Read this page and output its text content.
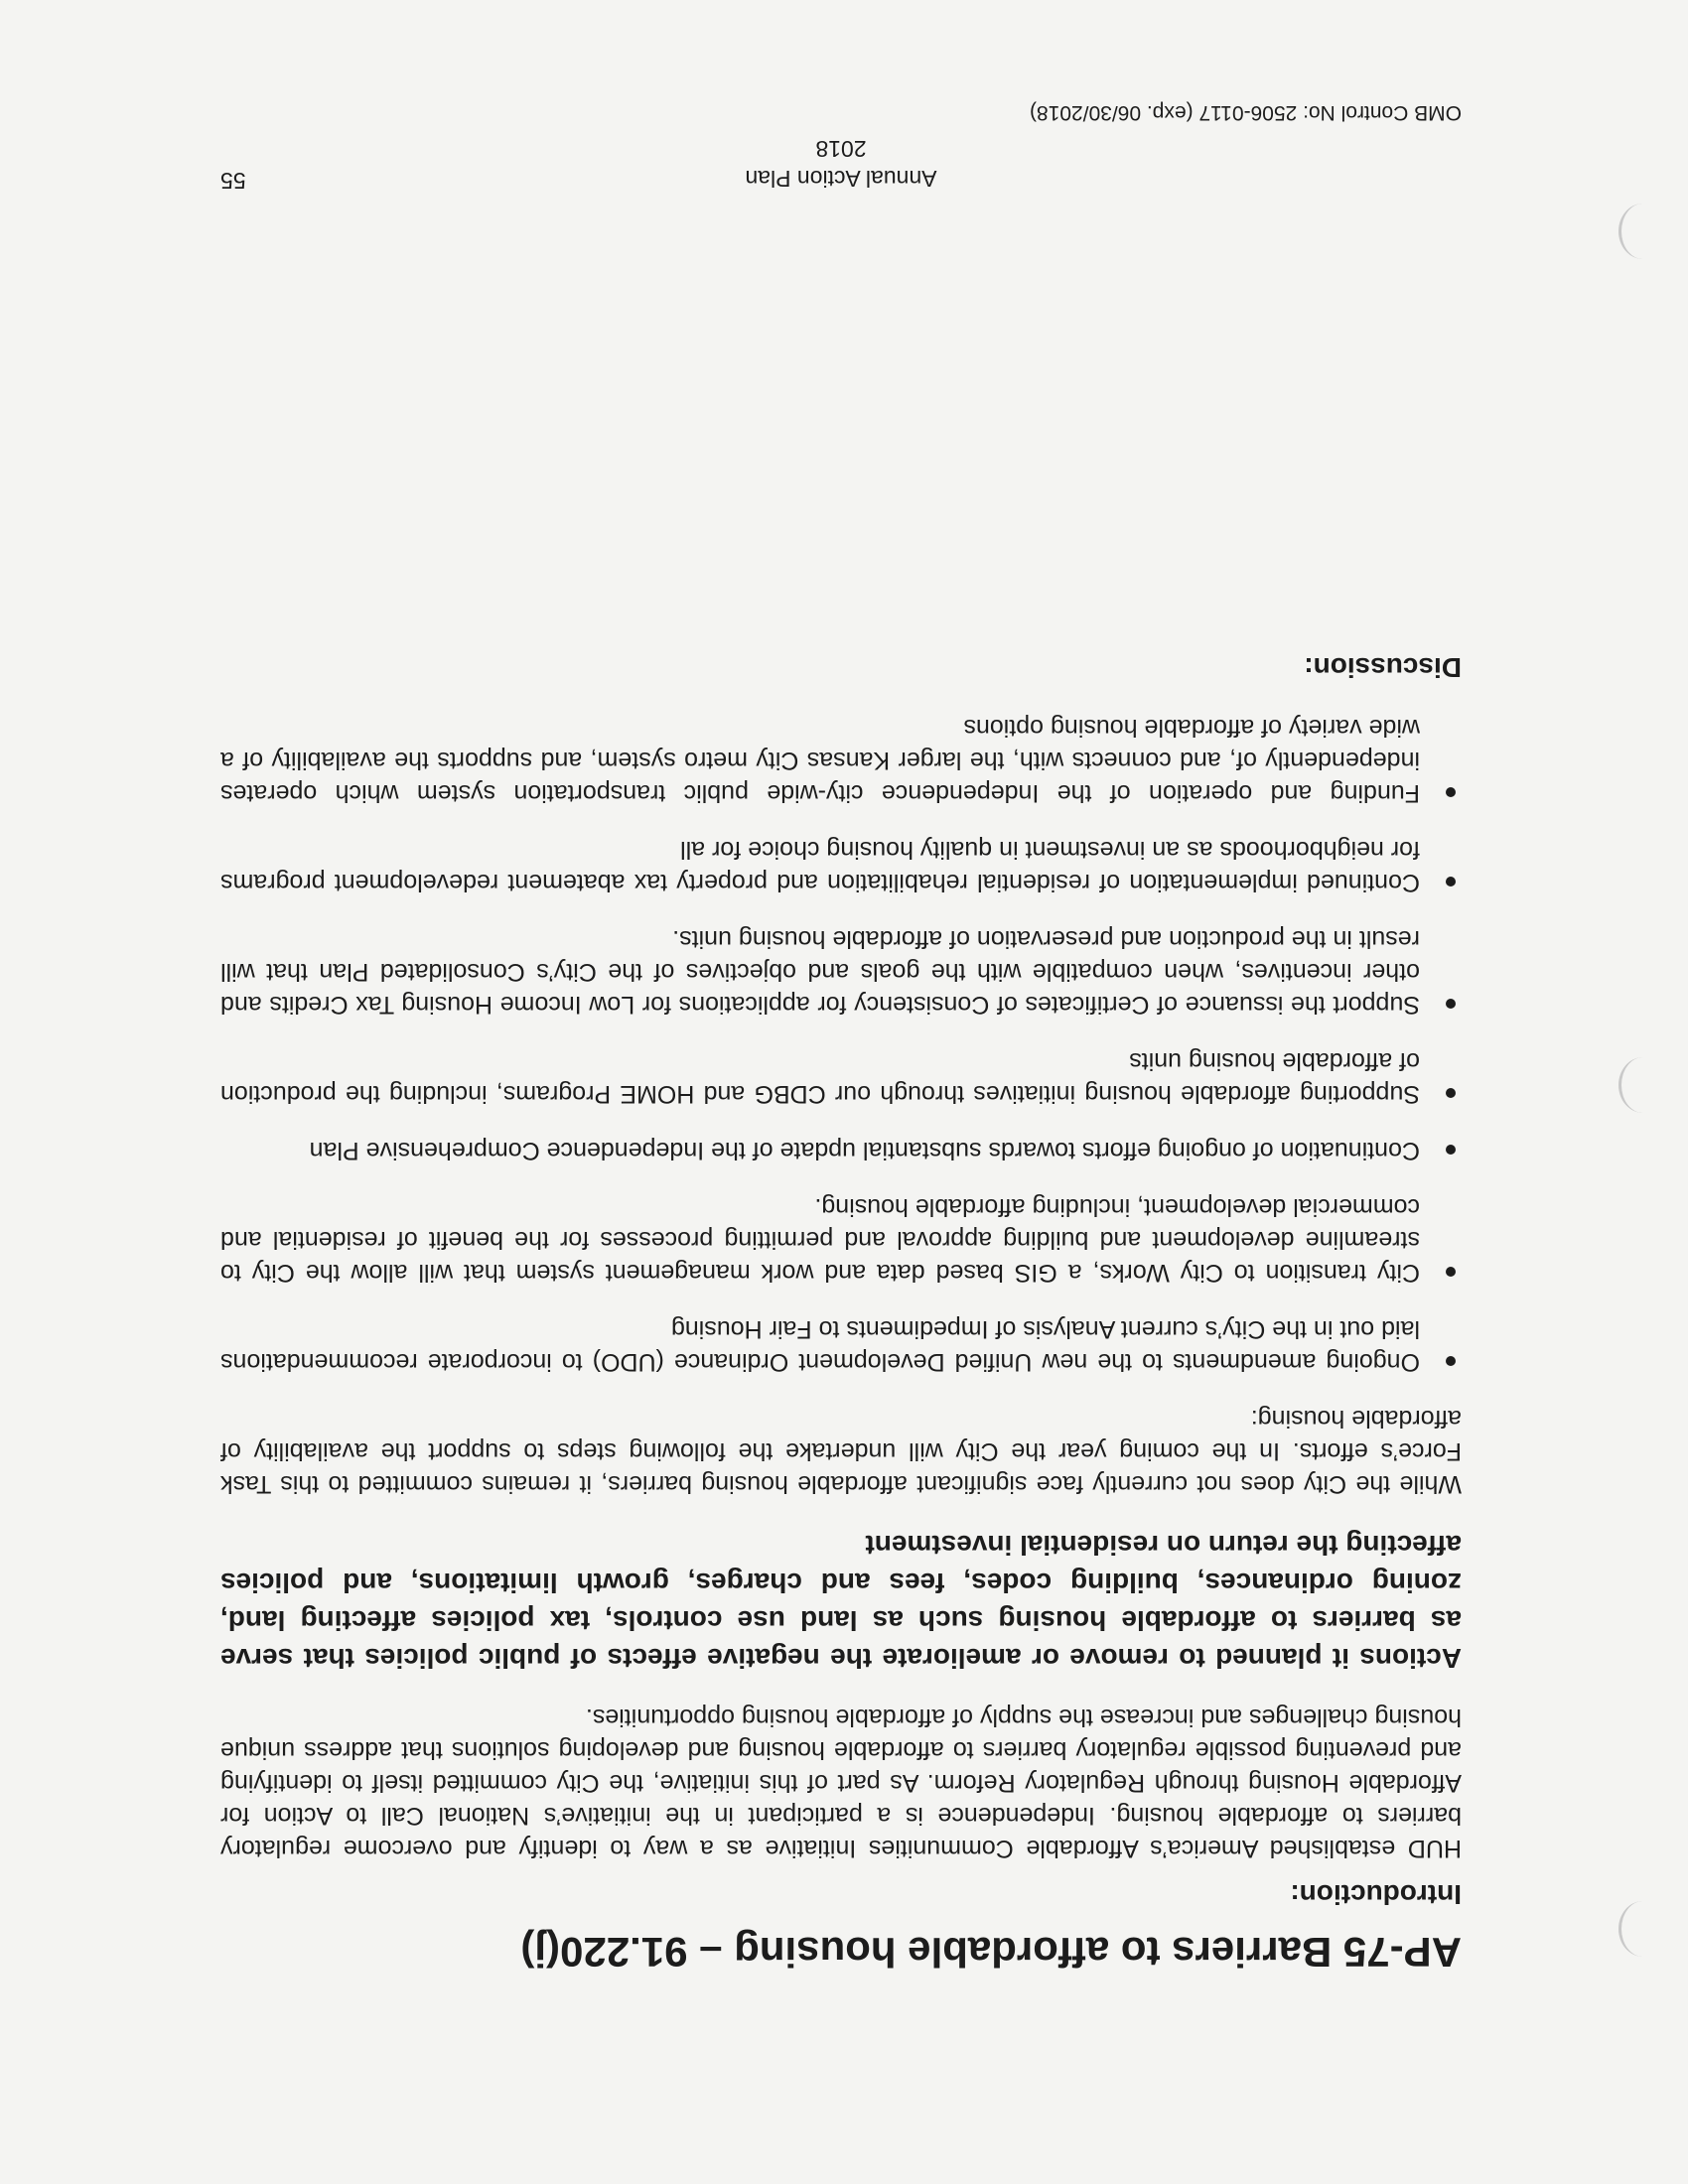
AP-75 Barriers to affordable housing – 91.220(j)
Introduction:

HUD established America’s Affordable Communities Initiative as a way to identify and overcome regulatory barriers to affordable housing. Independence is a participant in the initiative’s National Call to Action for Affordable Housing through Regulatory Reform. As part of this initiative, the City committed itself to identifying and preventing possible regulatory barriers to affordable housing and developing solutions that address unique housing challenges and increase the supply of affordable housing opportunities.

Actions it planned to remove or ameliorate the negative effects of public policies that serve as barriers to affordable housing such as land use controls, tax policies affecting land, zoning ordinances, building codes, fees and charges, growth limitations, and policies affecting the return on residential investment

While the City does not currently face significant affordable housing barriers, it remains committed to this Task Force’s efforts. In the coming year the City will undertake the following steps to support the availability of affordable housing:

Ongoing amendments to the new Unified Development Ordinance (UDO) to incorporate recommendations laid out in the City’s current Analysis of Impediments to Fair Housing
City transition to City Works, a GIS based data and work management system that will allow the City to streamline development and building approval and permitting processes for the benefit of residential and commercial development, including affordable housing.
Continuation of ongoing efforts towards substantial update of the Independence Comprehensive Plan
Supporting affordable housing initiatives through our CDBG and HOME Programs, including the production of affordable housing units
Support the issuance of Certificates of Consistency for applications for Low Income Housing Tax Credits and other incentives, when compatible with the goals and objectives of the City’s Consolidated Plan that will result in the production and preservation of affordable housing units.
Continued implementation of residential rehabilitation and property tax abatement redevelopment programs for neighborhoods as an investment in quality housing choice for all
Funding and operation of the Independence city-wide public transportation system which operates independently of, and connects with, the larger Kansas City metro system, and supports the availability of a wide variety of affordable housing options
Discussion:
Annual Action Plan
2018
55
OMB Control No: 2506-0117 (exp. 06/30/2018)
